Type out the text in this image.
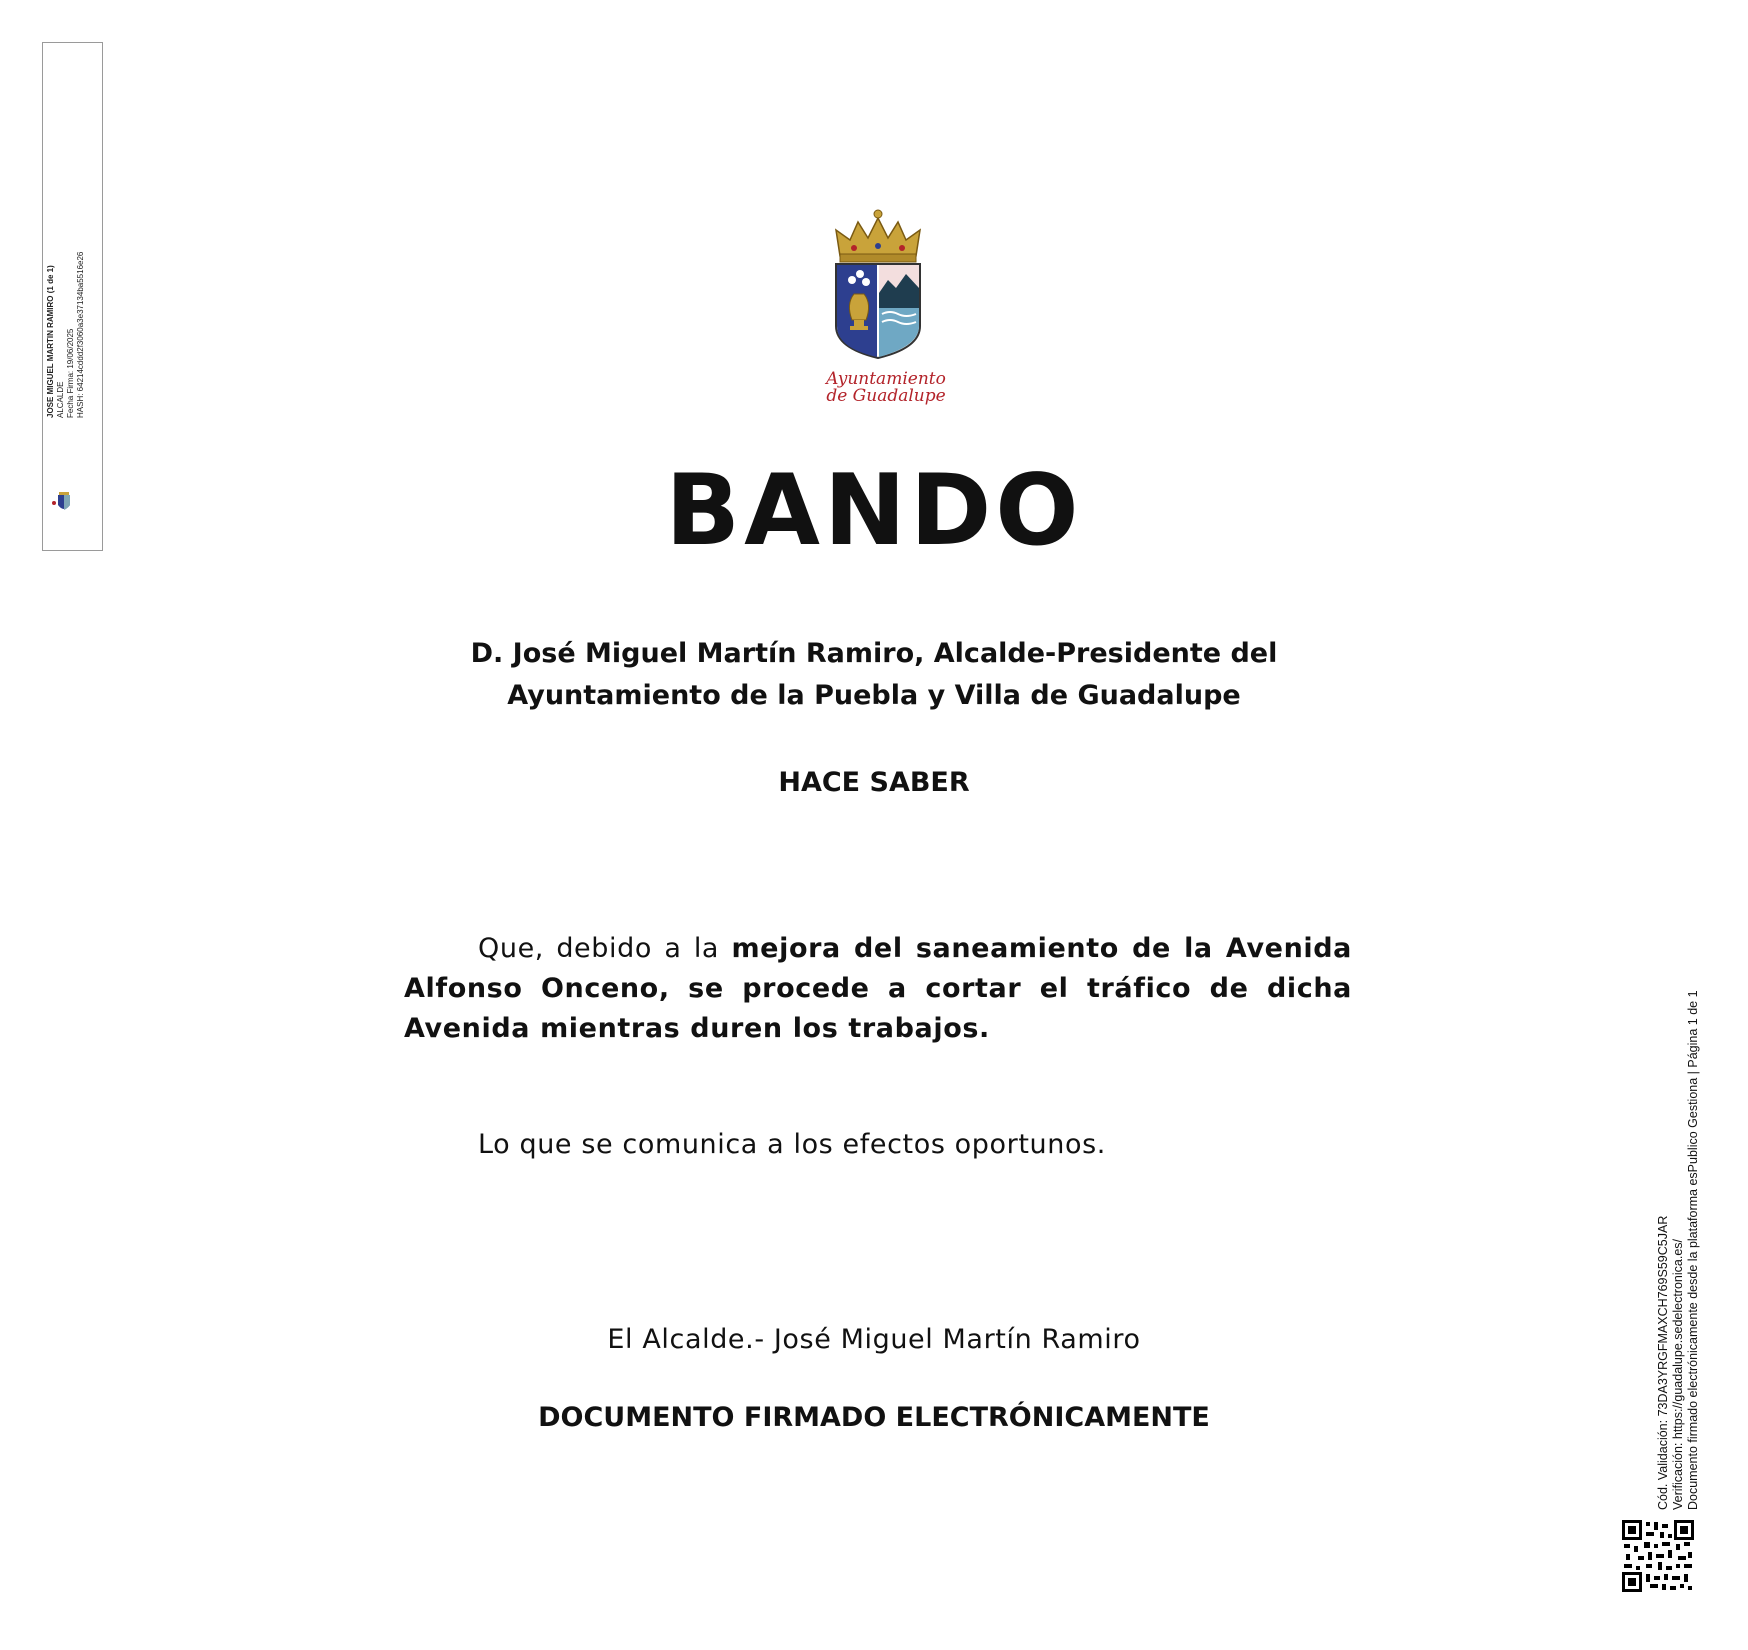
JOSE MIGUEL MARTIN RAMIRO (1 de 1) ALCALDE Fecha Firma: 19/06/2025 HASH: 64214cddd2f3060a3e37134ba5516e26	Ayuntamiento
de Guadalupe
BANDO
D. José Miguel Martín Ramiro, Alcalde-Presidente del
Ayuntamiento de la Puebla y Villa de Guadalupe
HACE SABER
Que, debido a la mejora del saneamiento de la Avenida Alfonso Onceno, se procede a cortar el tráfico de dicha Avenida mientras duren los trabajos.
Lo que se comunica a los efectos oportunos.
El Alcalde.- José Miguel Martín Ramiro
DOCUMENTO FIRMADO ELECTRÓNICAMENTE	Cód. Validación: 73DA3YRGFMAXCH769S59C5JAR Verificación: https://guadalupe.sedelectronica.es/ Documento firmado electrónicamente desde la plataforma esPublico Gestiona | Página 1 de 1
